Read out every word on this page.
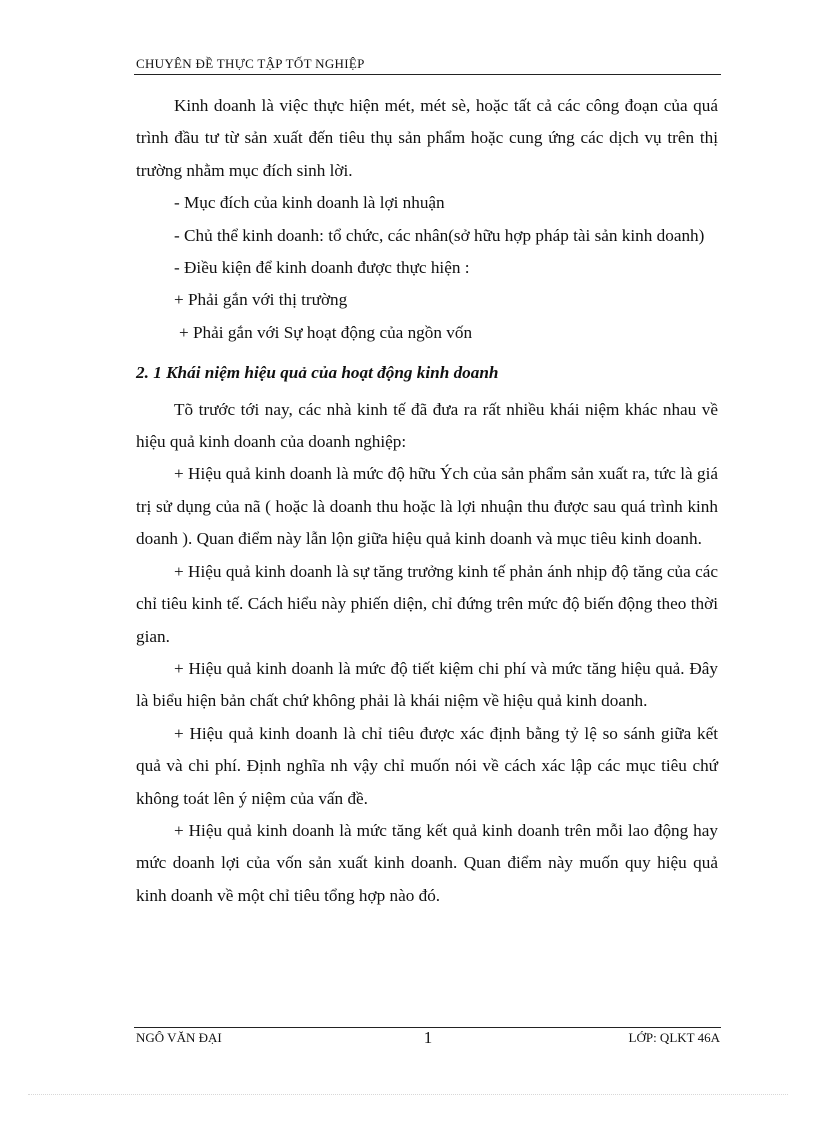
CHUYÊN ĐỀ THỰC TẬP TỐT NGHIỆP

Kinh doanh là việc thực hiện mét, mét sè, hoặc tất cả các công đoạn của quá trình đầu tư từ sản xuất đến tiêu thụ sản phẩm hoặc cung ứng các dịch vụ trên thị trường nhằm mục đích sinh lời.

- Mục đích của kinh doanh là lợi nhuận

- Chủ thể kinh doanh: tổ chức, các nhân(sở hữu hợp pháp tài sản kinh doanh)

- Điều kiện để kinh doanh được thực hiện :

+ Phải gắn với thị trường

+ Phải gắn với Sự hoạt động của ngồn vốn

2. 1 Khái niệm hiệu quả của hoạt động kinh doanh

Tõ trước tới nay, các nhà kinh tế đã đưa ra rất nhiều khái niệm khác nhau về hiệu quả kinh doanh của doanh nghiệp:

+ Hiệu quả kinh doanh là mức độ hữu Ých của sản phẩm sản xuất ra, tức là giá trị sử dụng của nã ( hoặc là doanh thu hoặc là lợi nhuận thu được sau quá trình kinh doanh ). Quan điểm này lẫn lộn giữa hiệu quả kinh doanh và mục tiêu kinh doanh.

+ Hiệu quả kinh doanh là sự tăng trưởng kinh tế phản ánh nhịp độ tăng của các chỉ tiêu kinh tế. Cách hiểu này phiến diện, chỉ đứng trên mức độ biến động theo thời gian.

+ Hiệu quả kinh doanh là mức độ tiết kiệm chi phí và mức tăng hiệu quả. Đây là biểu hiện bản chất chứ không phải là khái niệm về hiệu quả kinh doanh.

+ Hiệu quả kinh doanh là chỉ tiêu được xác định bằng tỷ lệ so sánh giữa kết quả và chi phí. Định nghĩa nh vậy chỉ muốn nói về cách xác lập các mục tiêu chứ không toát lên ý niệm của vấn đề.

+ Hiệu quả kinh doanh là mức tăng kết quả kinh doanh trên mỗi lao động hay mức doanh lợi của vốn sản xuất kinh doanh. Quan điểm này muốn quy hiệu quả kinh doanh về một chỉ tiêu tổng hợp nào đó.

NGÔ VĂN ĐẠI	1	LỚP: QLKT 46A
